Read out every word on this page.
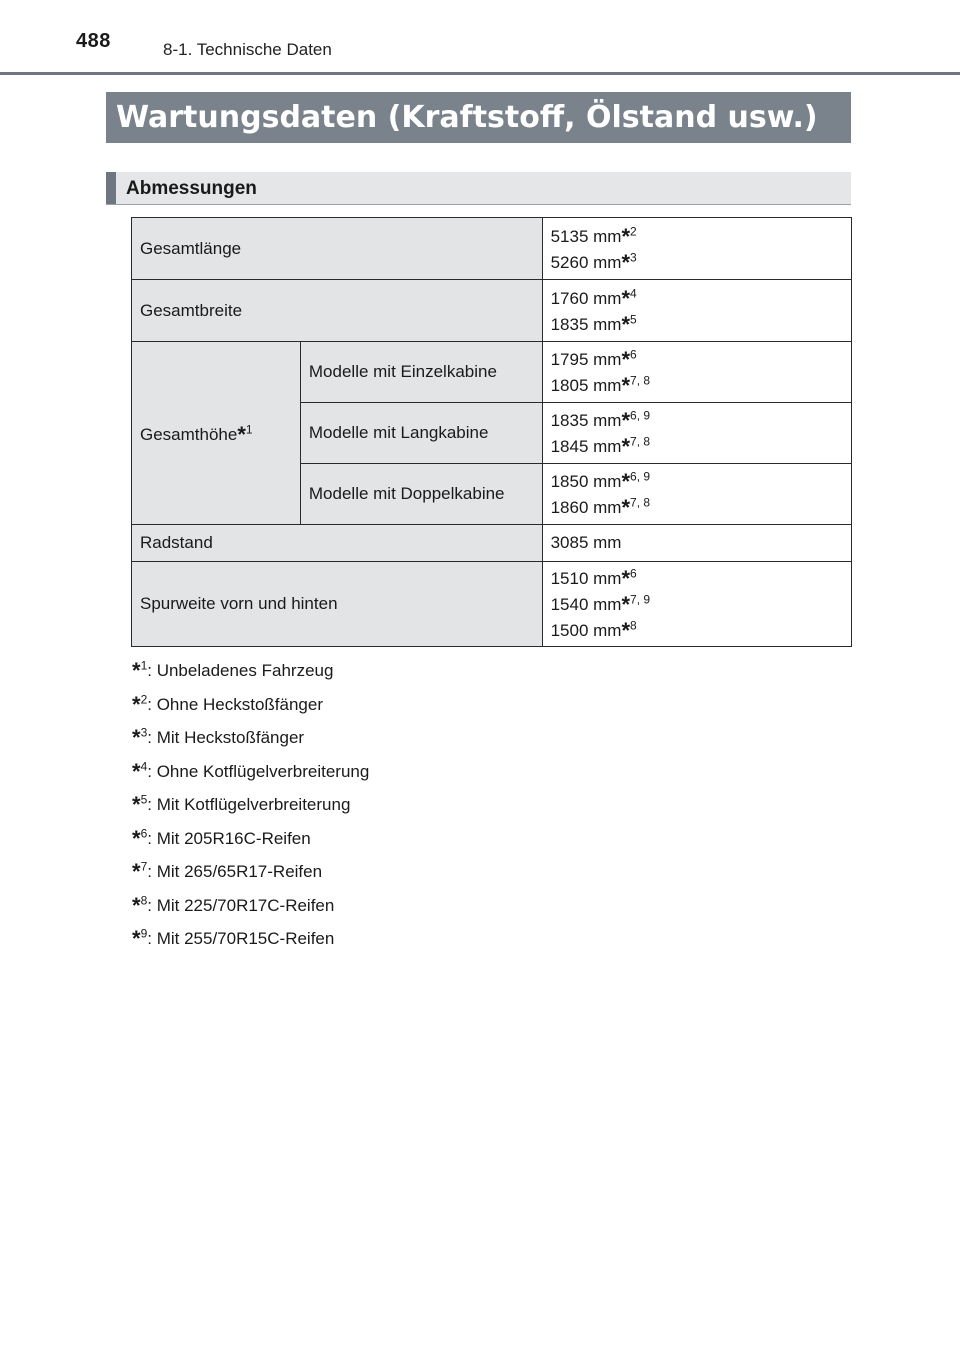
488	8-1. Technische Daten
Wartungsdaten (Kraftstoff, Ölstand usw.)
Abmessungen
Gesamtlänge		5135 mm*$^2$
5260 mm*$^3$

Gesamtbreite		1760 mm*$^4$
1835 mm*$^5$

Gesamthöhe*$^1$	Modelle mit Einzelkabine	1795 mm*$^6$
1805 mm*$^{7, 8}$

	Modelle mit Langkabine	1835 mm*$^{6, 9}$
1845 mm*$^{7, 8}$

	Modelle mit Doppelkabine	1850 mm*$^{6, 9}$
1860 mm*$^{7, 8}$

Radstand		3085 mm
Spurweite vorn und hinten		1510 mm*$^6$
1540 mm*$^{7, 9}$
1500 mm*$^8$
*$^1$: Unbeladenes Fahrzeug
*$^2$: Ohne Heckstoßfänger
*$^3$: Mit Heckstoßfänger
*$^4$: Ohne Kotflügelverbreiterung
*$^5$: Mit Kotflügelverbreiterung
*$^6$: Mit 205R16C-Reifen
*$^7$: Mit 265/65R17-Reifen
*$^8$: Mit 225/70R17C-Reifen
*$^9$: Mit 255/70R15C-Reifen
